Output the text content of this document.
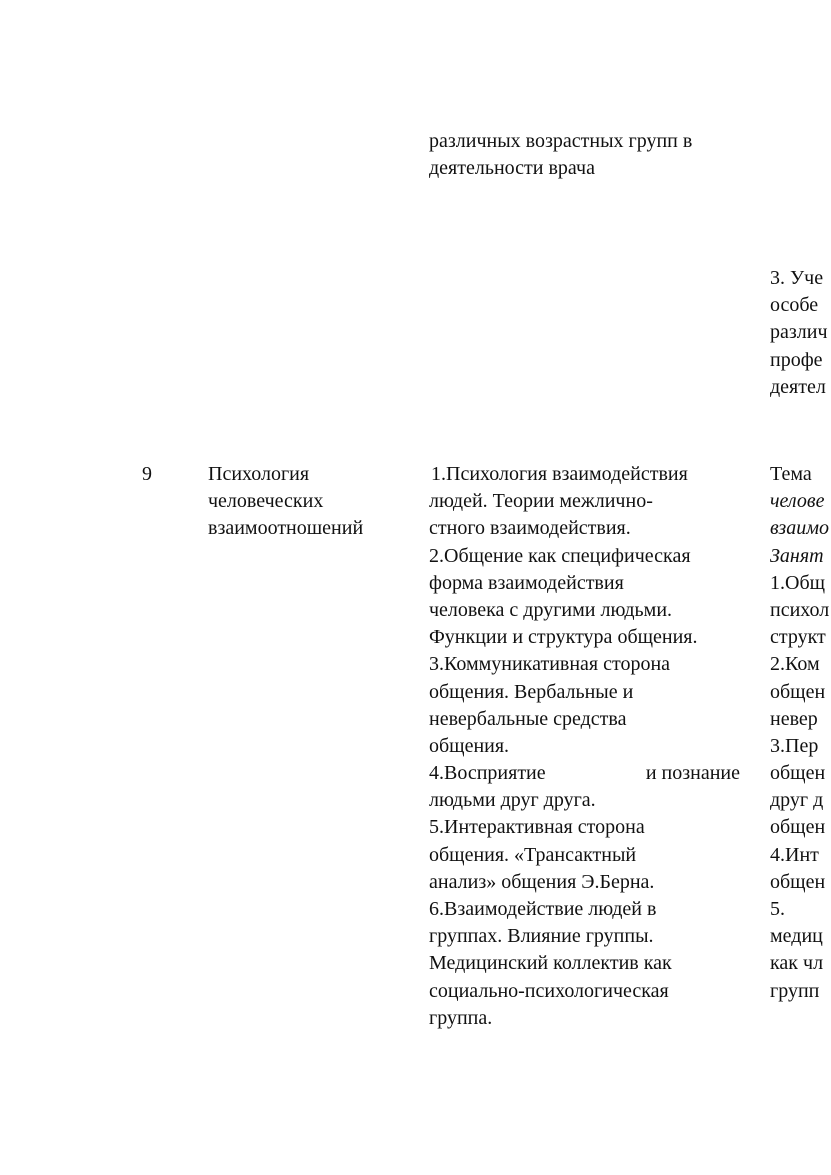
различных возрастных групп в
деятельности врача
3. Уче
особе
различ
профе
деятел
9	Психология
человеческих
взаимоотношений
1.Психология взаимодействия
людей. Теории межлично-
стного взаимодействия.
2.Общение как специфическая
форма взаимодействия
человека с другими людьми.
Функции и структура общения.
3.Коммуникативная сторона
общения. Вербальные и
невербальные средства
общения.
4.Восприятие	и познание
людьми друг друга.
5.Интерактивная сторона
общения. «Трансактный
анализ» общения Э.Берна.
6.Взаимодействие людей в
группах. Влияние группы.
Медицинский коллектив как
социально-психологическая
группа.
Тема
челове
взаимо
Занят
1.Общ
психол
структ
2.Ком
общен
невер
3.Пер
общен
друг д
общен
4.Инт
общен
5.
медиц
как чл
групп
